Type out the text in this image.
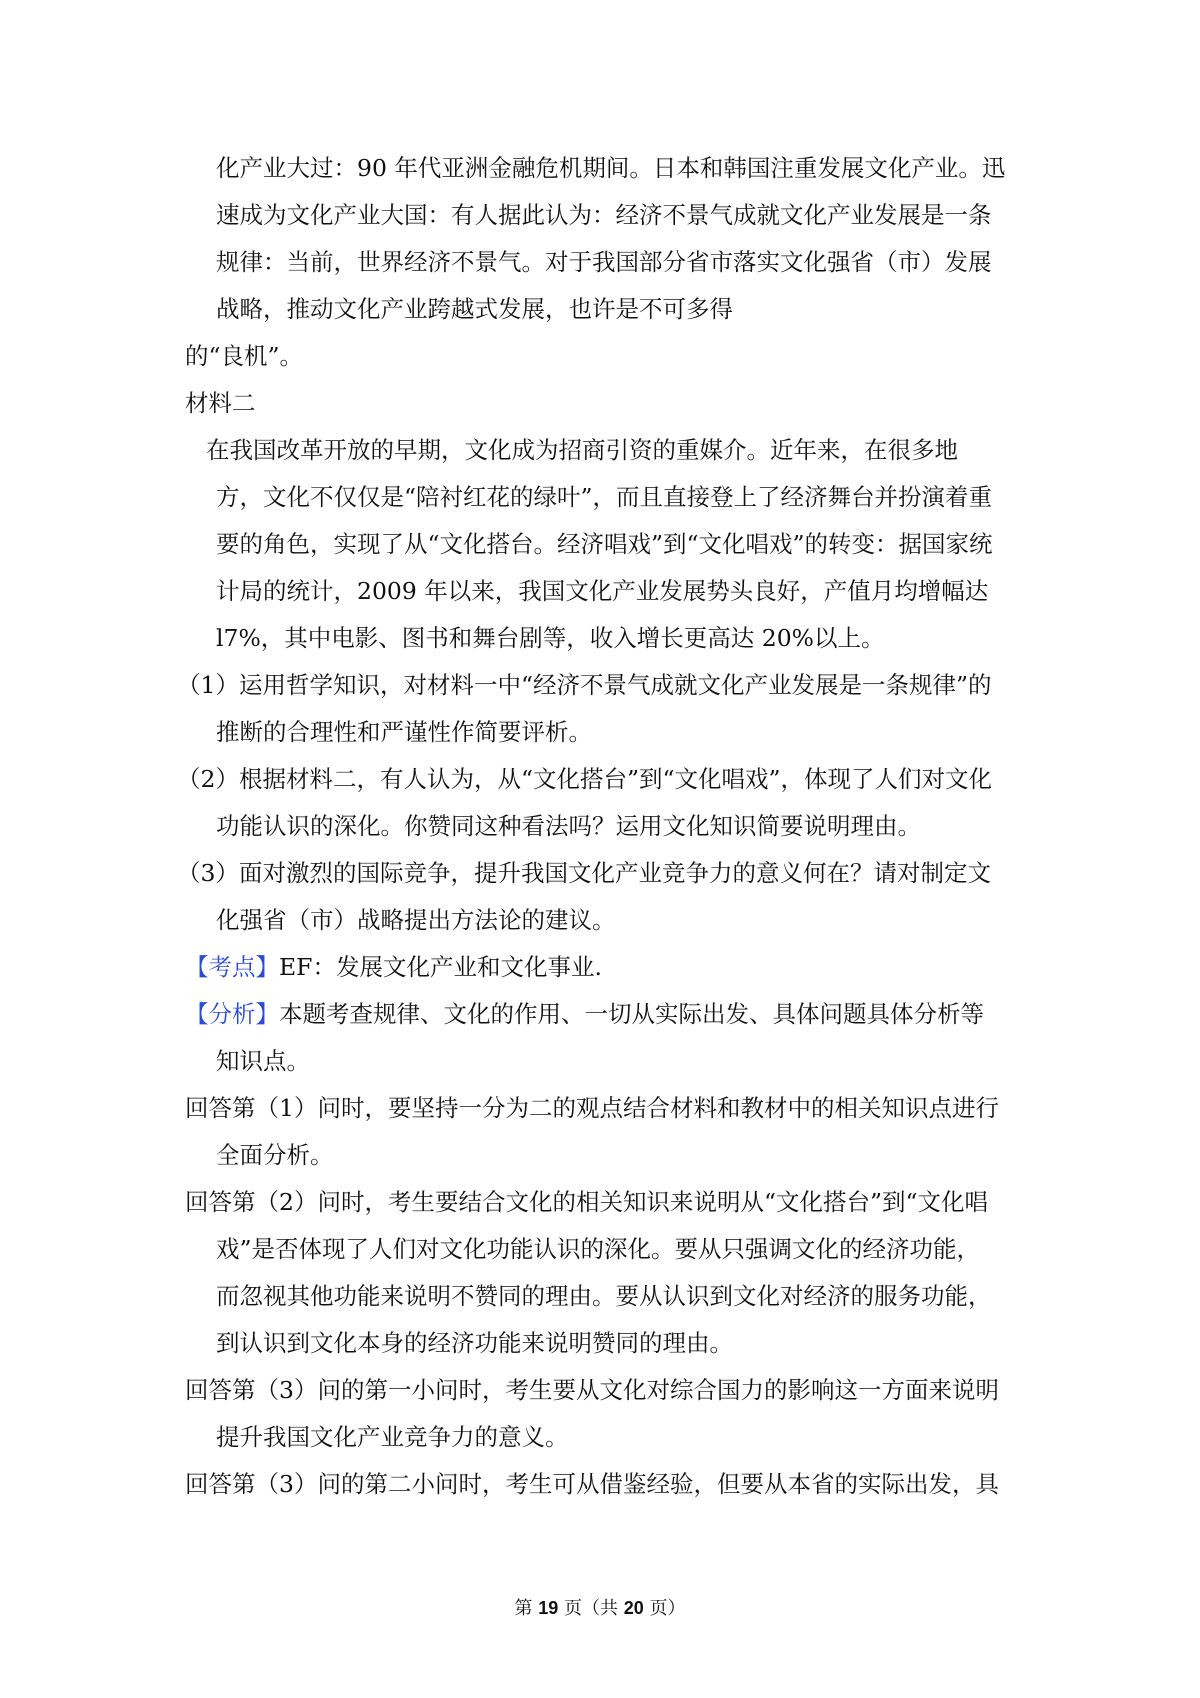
化产业大过：90 年代亚洲金融危机期间。日本和韩国注重发展文化产业。迅
速成为文化产业大国：有人据此认为：经济不景气成就文化产业发展是一条
规律：当前，世界经济不景气。对于我国部分省市落实文化强省（市）发展
战略，推动文化产业跨越式发展，也许是不可多得
的“良机”。
材料二
在我国改革开放的早期，文化成为招商引资的重媒介。近年来，在很多地
方，文化不仅仅是“陪衬红花的绿叶”，而且直接登上了经济舞台并扮演着重
要的角色，实现了从“文化搭台。经济唱戏”到“文化唱戏”的转变：据国家统
计局的统计，2009 年以来，我国文化产业发展势头良好，产值月均增幅达
l7%，其中电影、图书和舞台剧等，收入增长更高达 20%以上。
（1）运用哲学知识，对材料一中“经济不景气成就文化产业发展是一条规律”的
推断的合理性和严谨性作简要评析。
（2）根据材料二，有人认为，从“文化搭台”到“文化唱戏”，体现了人们对文化
功能认识的深化。你赞同这种看法吗？运用文化知识简要说明理由。
（3）面对激烈的国际竞争，提升我国文化产业竞争力的意义何在？请对制定文
化强省（市）战略提出方法论的建议。
【考点】EF：发展文化产业和文化事业.
【分析】本题考查规律、文化的作用、一切从实际出发、具体问题具体分析等
知识点。
回答第（1）问时，要坚持一分为二的观点结合材料和教材中的相关知识点进行
全面分析。
回答第（2）问时，考生要结合文化的相关知识来说明从“文化搭台”到“文化唱
戏”是否体现了人们对文化功能认识的深化。要从只强调文化的经济功能，
而忽视其他功能来说明不赞同的理由。要从认识到文化对经济的服务功能，
到认识到文化本身的经济功能来说明赞同的理由。
回答第（3）问的第一小问时，考生要从文化对综合国力的影响这一方面来说明
提升我国文化产业竞争力的意义。
回答第（3）问的第二小问时，考生可从借鉴经验，但要从本省的实际出发，具
第 19 页（共 20 页）
